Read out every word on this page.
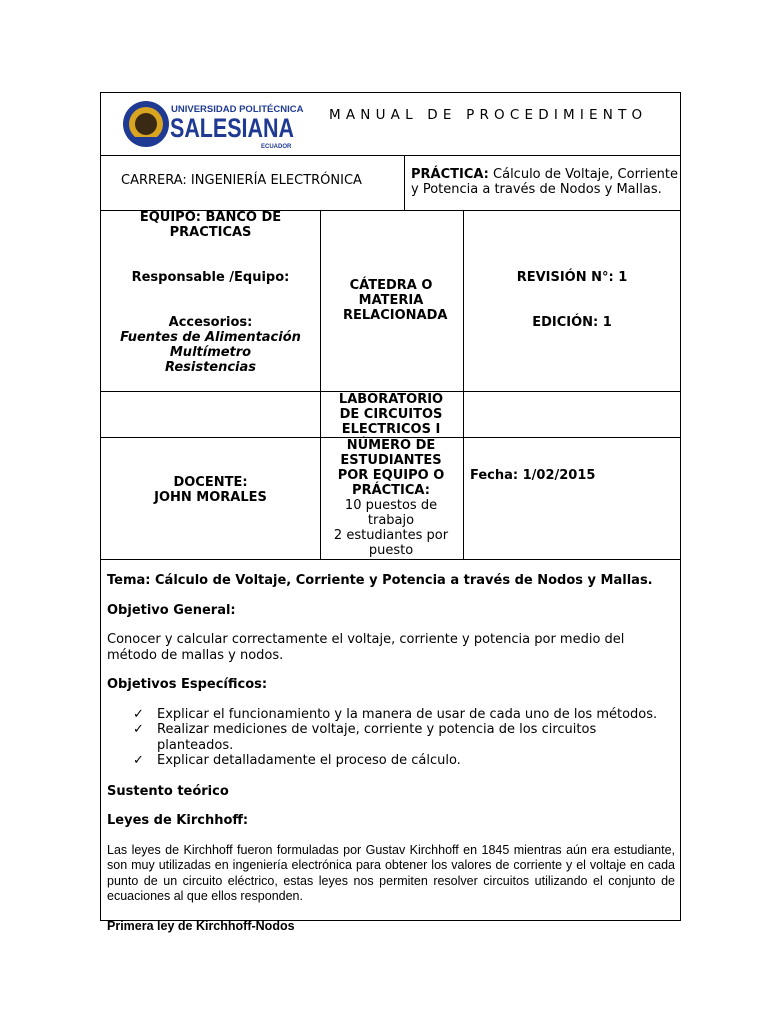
UNIVERSIDAD POLITÉCNICA
SALESIANA
ECUADOR
MANUAL DE PROCEDIMIENTO
CARRERA: INGENIERÍA ELECTRÓNICA	PRÁCTICA: Cálculo de Voltaje, Corriente y Potencia a través de Nodos y Mallas.

EQUIPO: BANCO DE PRACTICAS

Responsable /Equipo:

Accesorios:

Fuentes de Alimentación

Multímetro

Resistencias

CÁTEDRA O MATERIA RELACIONADA

REVISIÓN N°: 1
EDICIÓN: 1

LABORATORIO DE CIRCUITOS ELECTRICOS I

DOCENTE:

JOHN MORALES

NÚMERO DE ESTUDIANTES POR EQUIPO O PRÁCTICA:

10 puestos de trabajo

2 estudiantes por puesto

Fecha: 1/02/2015

Tema: Cálculo de Voltaje, Corriente y Potencia a través de Nodos y Mallas.

Objetivo General:

Conocer y calcular correctamente el voltaje, corriente y potencia por medio del método de mallas y nodos.

Objetivos Específicos:

✓ Explicar el funcionamiento y la manera de usar de cada uno de los métodos.
✓ Realizar mediciones de voltaje, corriente y potencia de los circuitos planteados.
✓ Explicar detalladamente el proceso de cálculo.

Sustento teórico

Leyes de Kirchhoff:

Las leyes de Kirchhoff fueron formuladas por Gustav Kirchhoff en 1845 mientras aún era estudiante, son muy utilizadas en ingeniería electrónica para obtener los valores de corriente y el voltaje en cada punto de un circuito eléctrico, estas leyes nos permiten resolver circuitos utilizando el conjunto de ecuaciones al que ellos responden.

Primera ley de Kirchhoff-Nodos
